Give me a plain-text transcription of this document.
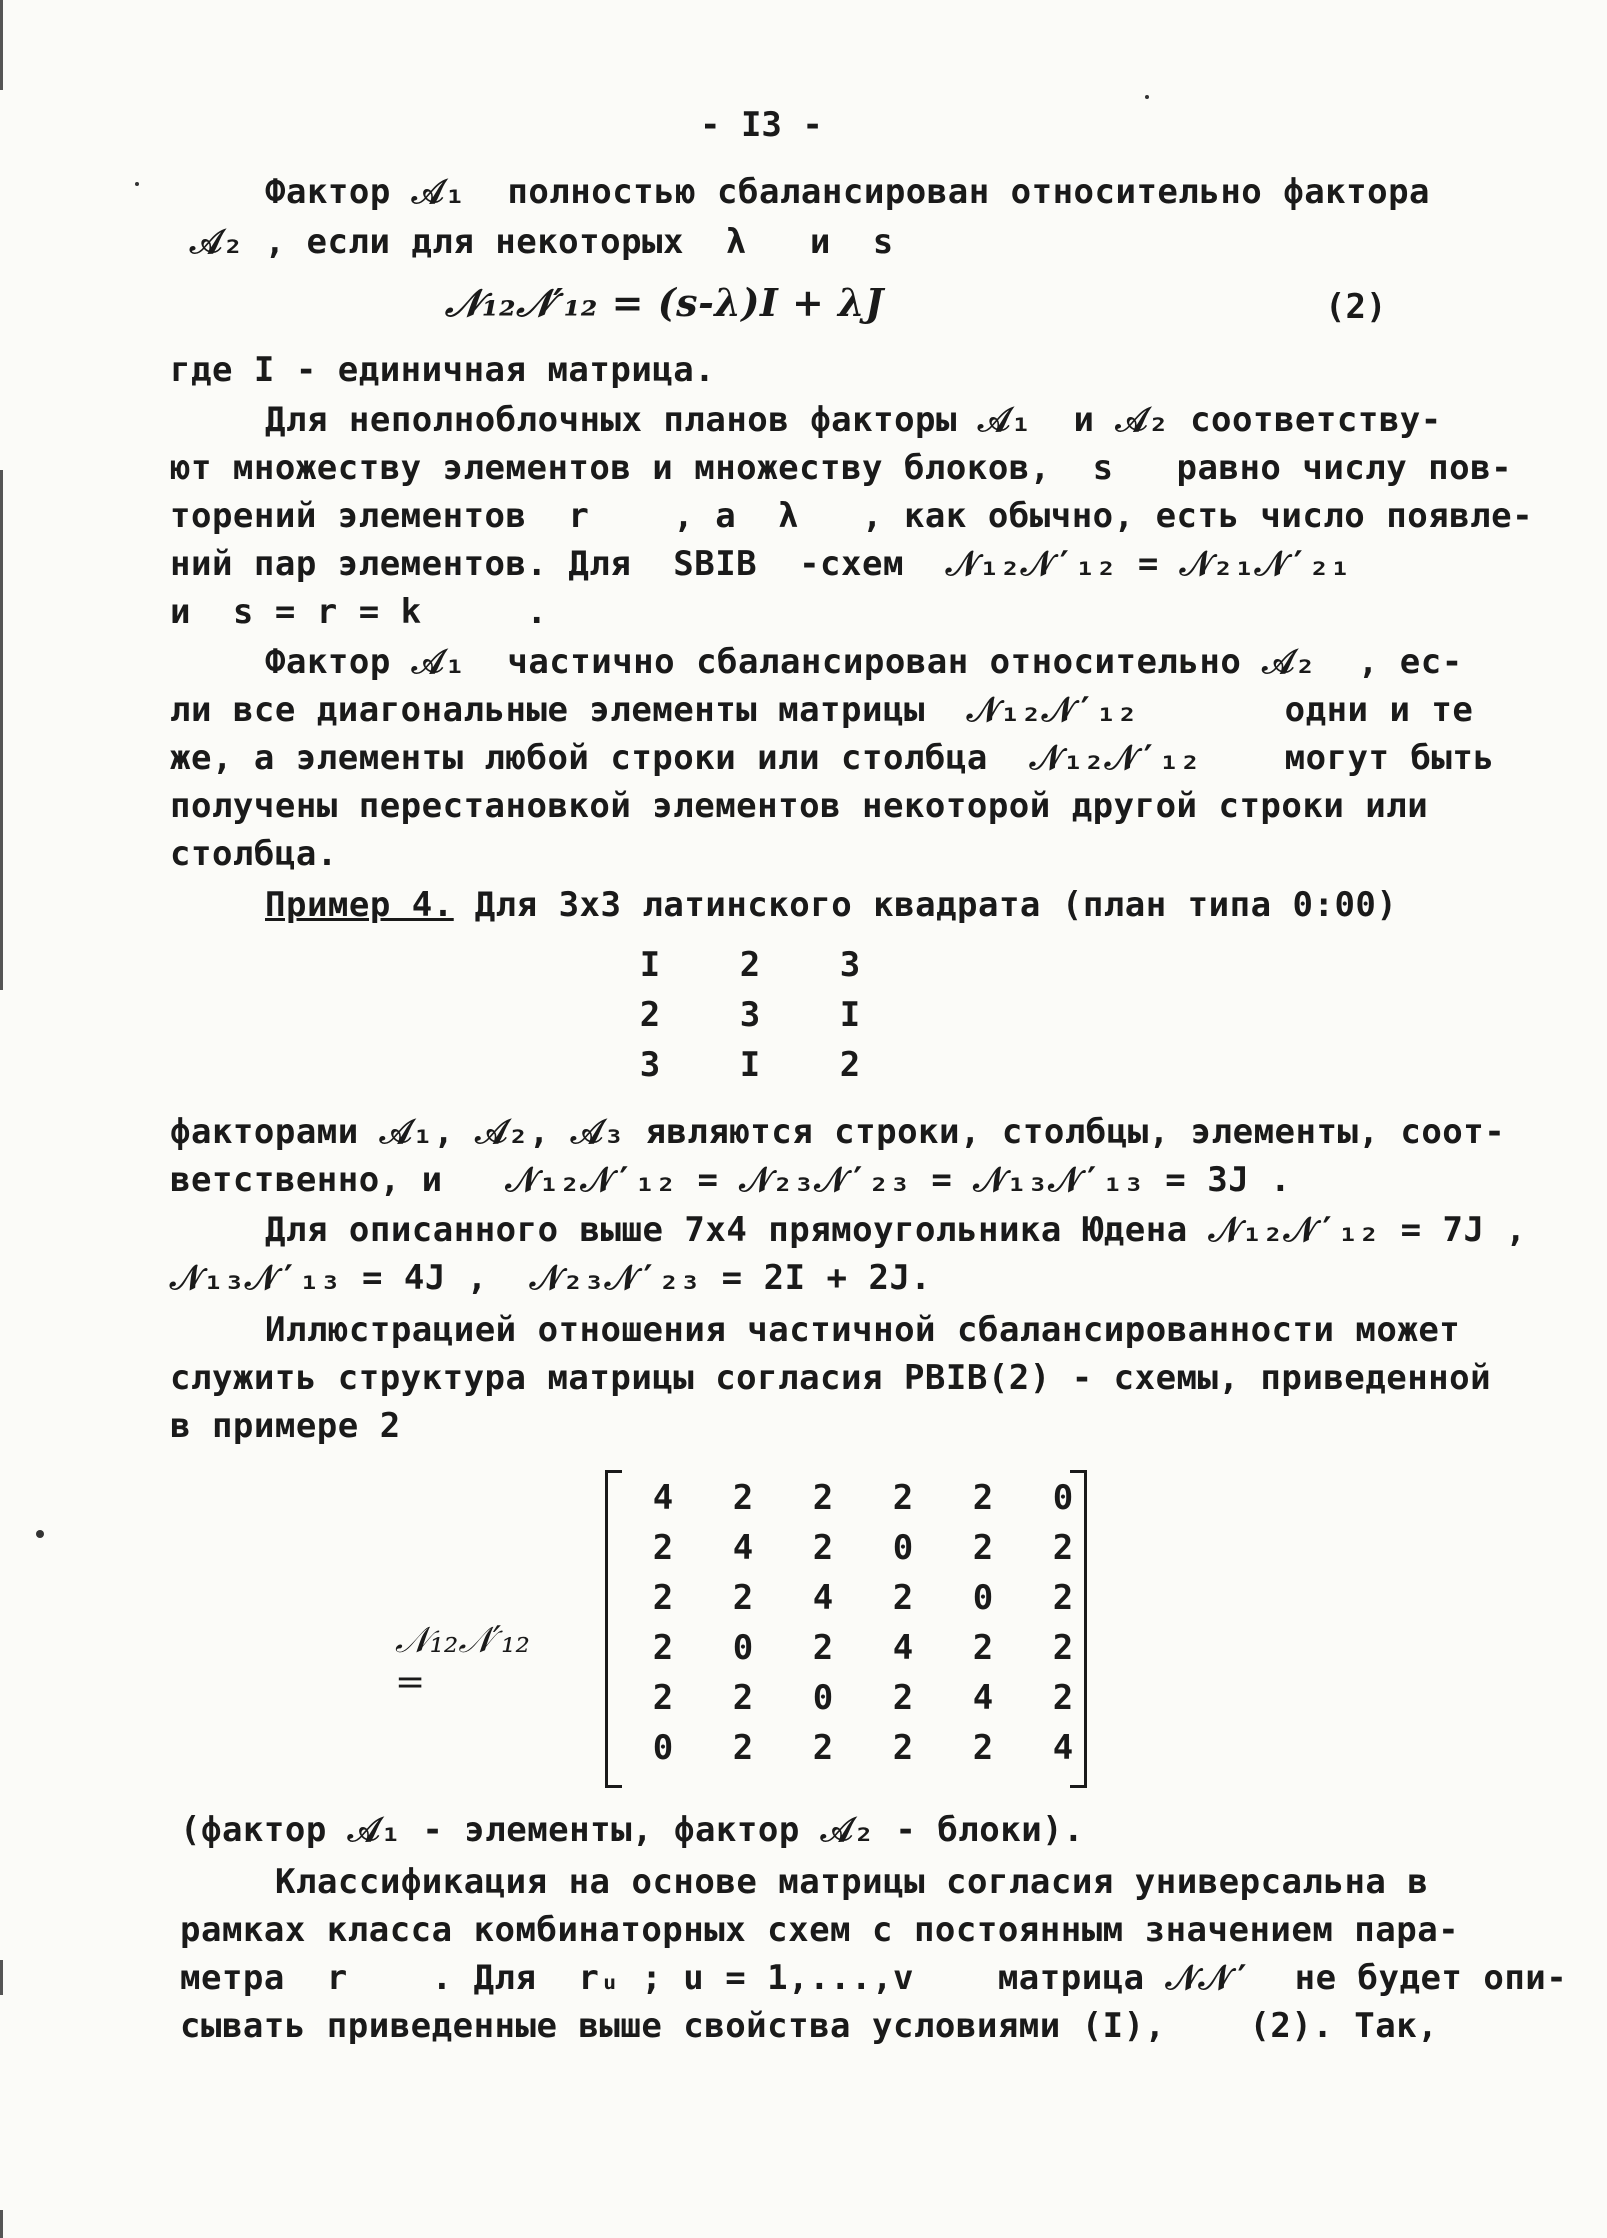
- I3 -
Фактор 𝒜₁  полностью сбалансирован относительно фактора
𝒜₂ , если для некоторых  λ   и  s
𝒩₁₂𝒩′₁₂ = (s-λ)I + λJ	(2)
где I - единичная матрица.
Для неполноблочных планов факторы 𝒜₁  и 𝒜₂ соответству-
ют множеству элементов и множеству блоков,  s   равно числу пов-
торений элементов  r    , а  λ   , как обычно, есть число появле-
ний пар элементов. Для  SBIB  -схем  𝒩₁₂𝒩′₁₂ = 𝒩₂₁𝒩′₂₁
и  s = r = k     .
Фактор 𝒜₁  частично сбалансирован относительно 𝒜₂  , ес-
ли все диагональные элементы матрицы  𝒩₁₂𝒩′₁₂       одни и те
же, а элементы любой строки или столбца  𝒩₁₂𝒩′₁₂    могут быть
получены перестановкой элементов некоторой другой строки или
столбца.
Пример 4. Для 3x3 латинского квадрата (план типа 0:00)
I	2	3
2	3	I
3	I	2
факторами 𝒜₁, 𝒜₂, 𝒜₃ являются строки, столбцы, элементы, соот-
ветственно, и   𝒩₁₂𝒩′₁₂ = 𝒩₂₃𝒩′₂₃ = 𝒩₁₃𝒩′₁₃ = 3J .
Для описанного выше 7x4 прямоугольника Юдена 𝒩₁₂𝒩′₁₂ = 7J ,
𝒩₁₃𝒩′₁₃ = 4J ,  𝒩₂₃𝒩′₂₃ = 2I + 2J.
Иллюстрацией отношения частичной сбалансированности может
служить структура матрицы согласия PBIB(2) - схемы, приведенной
в примере 2
𝒩₁₂𝒩′₁₂ =
4	2	2	2	2	0
2	4	2	0	2	2
2	2	4	2	0	2
2	0	2	4	2	2
2	2	0	2	4	2
0	2	2	2	2	4
(фактор 𝒜₁ - элементы, фактор 𝒜₂ - блоки).
Классификация на основе матрицы согласия универсальна в
рамках класса комбинаторных схем с постоянным значением пара-
метра  r    . Для  rᵤ ; u = 1,...,v    матрица 𝒩𝒩′  не будет опи-
сывать приведенные выше свойства условиями (I),    (2). Так,
